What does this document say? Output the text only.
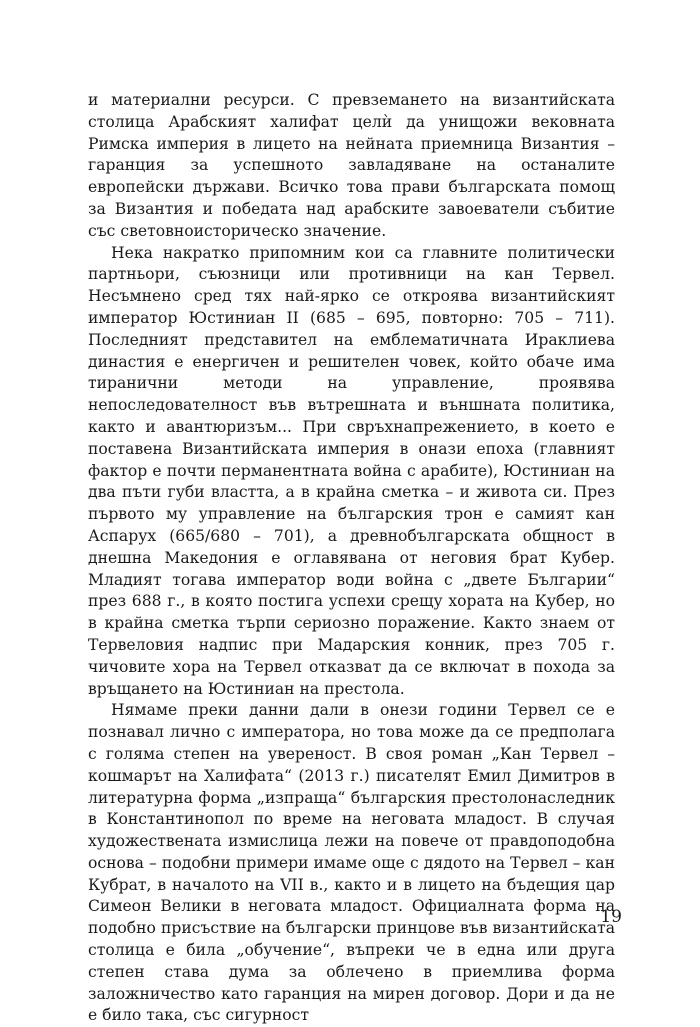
и материални ресурси. С превземането на византийската столица Арабският халифат целѝ да унищожи вековната Римска империя в лицето на нейната приемница Византия – гаранция за успешното завладяване на останалите европейски държави. Всичко това прави българската помощ за Византия и победата над арабските завоеватели събитие със световноисторическо значение.

Нека накратко припомним кои са главните политически партньори, съюзници или противници на кан Тервел. Несъмнено сред тях най-ярко се откроява византийският император Юстиниан II (685 – 695, повторно: 705 – 711). Последният представител на емблематичната Ираклиева династия е енергичен и решителен човек, който обаче има тиранични методи на управление, проявява непоследователност във вътрешната и външната политика, както и авантюризъм... При свръхнапрежението, в което е поставена Византийската империя в онази епоха (главният фактор е почти перманентната война с арабите), Юстиниан на два пъти губи властта, а в крайна сметка – и живота си. През първото му управление на българския трон е самият кан Аспарух (665/680 – 701), а древнобългарската общност в днешна Македония е оглавявана от неговия брат Кубер. Младият тогава император води война с „двете Българии“ през 688 г., в която постига успехи срещу хората на Кубер, но в крайна сметка търпи сериозно поражение. Както знаем от Тервеловия надпис при Мадарския конник, през 705 г. чичовите хора на Тервел отказват да се включат в похода за връщането на Юстиниан на престола.

Нямаме преки данни дали в онези години Тервел се е познавал лично с императора, но това може да се предполага с голяма степен на увереност. В своя роман „Кан Тервел – кошмарът на Халифата“ (2013 г.) писателят Емил Димитров в литературна форма „изпраща“ българския престолонаследник в Константинопол по време на неговата младост. В случая художествената измислица лежи на повече от правдоподобна основа – подобни примери имаме още с дядото на Тервел – кан Кубрат, в началото на VII в., както и в лицето на бъдещия цар Симеон Велики в неговата младост. Официалната форма на подобно присъствие на български принцове във византийската столица е била „обучение“, въпреки че в една или друга степен става дума за облечено в приемлива форма заложничество като гаранция на мирен договор. Дори и да не е било така, със сигурност

19
